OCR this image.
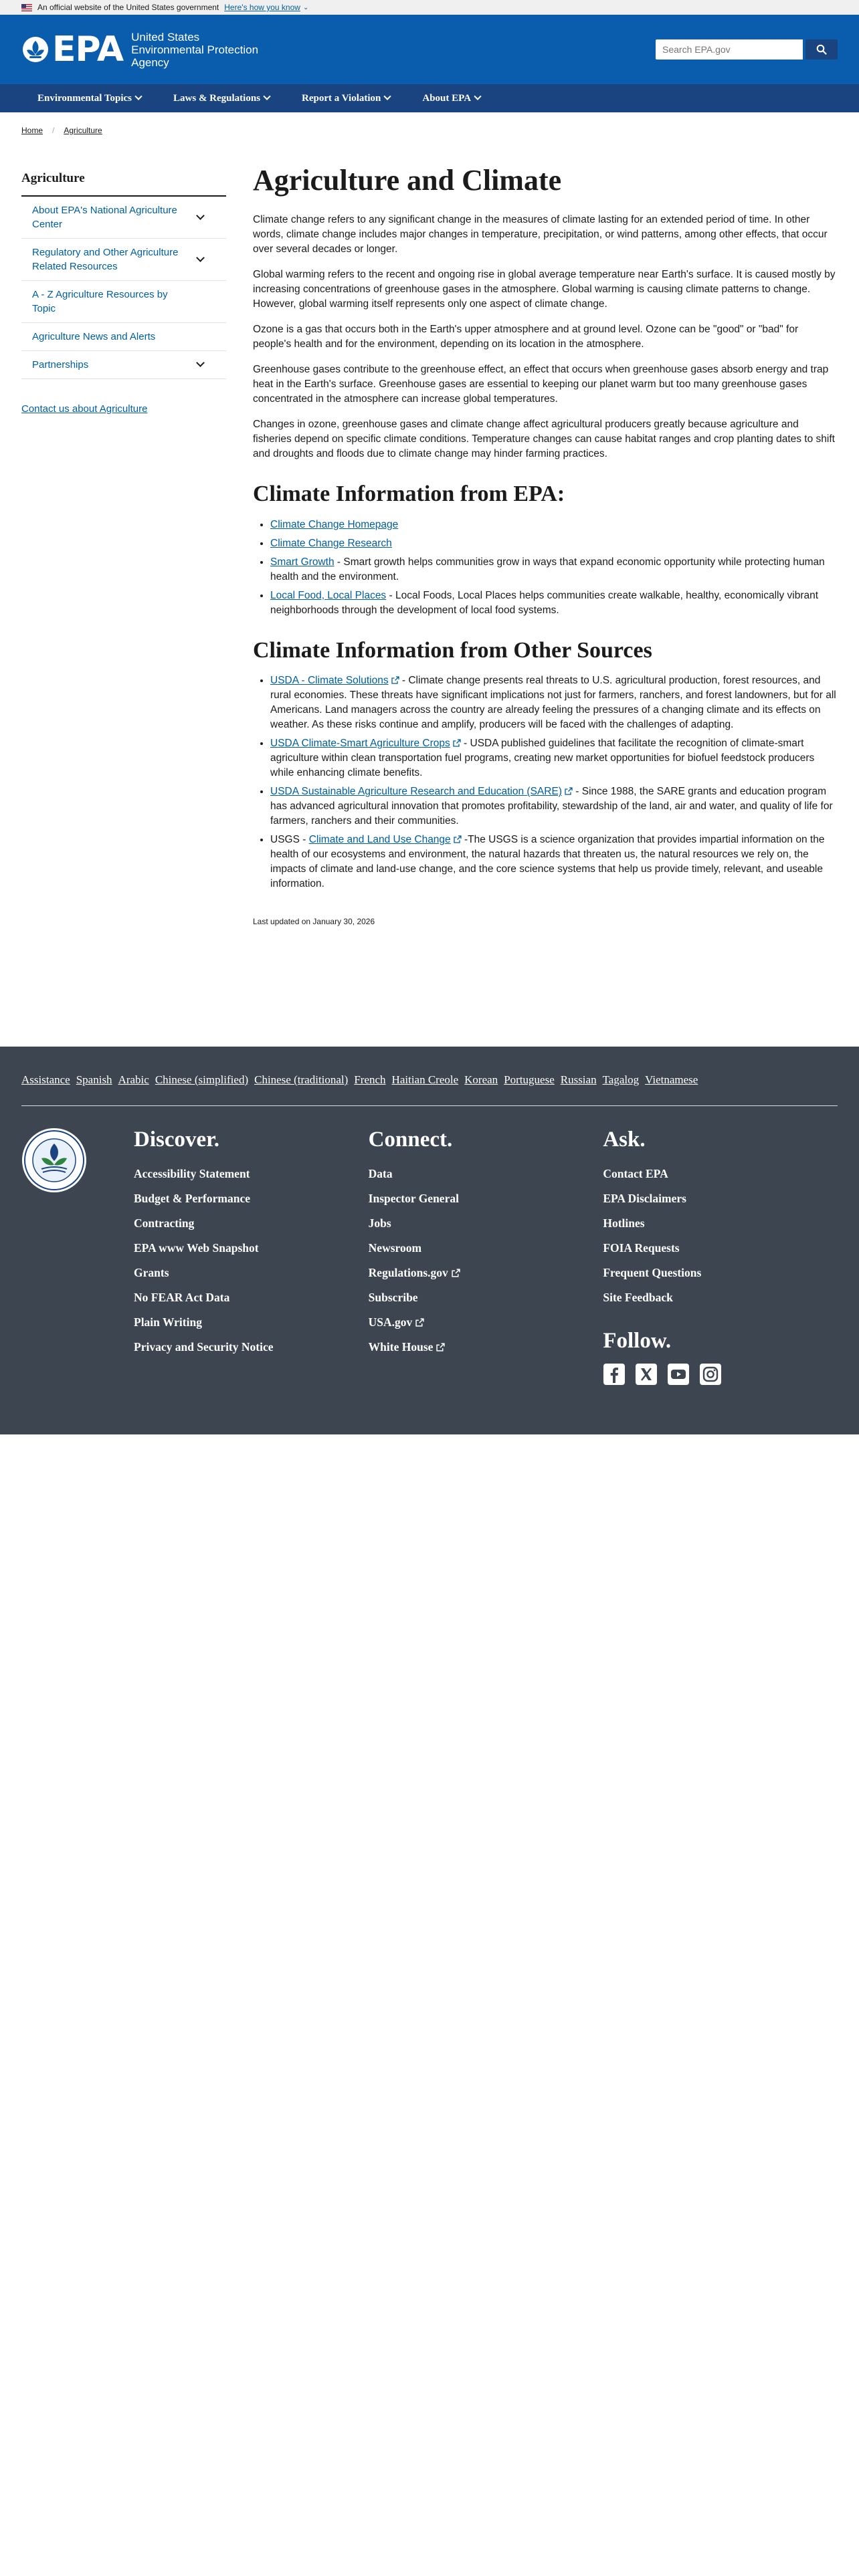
An official website of the United States government Here's how you know ⌄
EPA United States
Environmental Protection
Agency
Search EPA.gov
Environmental Topics	Laws & Regulations	Report a Violation	About EPA
Home / Agriculture
Agriculture
About EPA's National Agriculture Center
Regulatory and Other Agriculture Related Resources
A - Z Agriculture Resources by Topic
Agriculture News and Alerts
Partnerships
Contact us about Agriculture
Agriculture and Climate

Climate change refers to any significant change in the measures of climate lasting for an extended period of time. In other words, climate change includes major changes in temperature, precipitation, or wind patterns, among other effects, that occur over several decades or longer.

Global warming refers to the recent and ongoing rise in global average temperature near Earth's surface. It is caused mostly by increasing concentrations of greenhouse gases in the atmosphere. Global warming is causing climate patterns to change. However, global warming itself represents only one aspect of climate change.

Ozone is a gas that occurs both in the Earth's upper atmosphere and at ground level. Ozone can be "good" or "bad" for people's health and for the environment, depending on its location in the atmosphere.

Greenhouse gases contribute to the greenhouse effect, an effect that occurs when greenhouse gases absorb energy and trap heat in the Earth's surface. Greenhouse gases are essential to keeping our planet warm but too many greenhouse gases concentrated in the atmosphere can increase global temperatures.

Changes in ozone, greenhouse gases and climate change affect agricultural producers greatly because agriculture and fisheries depend on specific climate conditions. Temperature changes can cause habitat ranges and crop planting dates to shift and droughts and floods due to climate change may hinder farming practices.

Climate Information from EPA:
• Climate Change Homepage
• Climate Change Research
• Smart Growth - Smart growth helps communities grow in ways that expand economic opportunity while protecting human health and the environment.
• Local Food, Local Places - Local Foods, Local Places helps communities create walkable, healthy, economically vibrant neighborhoods through the development of local food systems.
Climate Information from Other Sources
• USDA - Climate Solutions - Climate change presents real threats to U.S. agricultural production, forest resources, and rural economies. These threats have significant implications not just for farmers, ranchers, and forest landowners, but for all Americans. Land managers across the country are already feeling the pressures of a changing climate and its effects on weather. As these risks continue and amplify, producers will be faced with the challenges of adapting.
• USDA Climate-Smart Agriculture Crops - USDA published guidelines that facilitate the recognition of climate-smart agriculture within clean transportation fuel programs, creating new market opportunities for biofuel feedstock producers while enhancing climate benefits.
• USDA Sustainable Agriculture Research and Education (SARE) - Since 1988, the SARE grants and education program has advanced agricultural innovation that promotes profitability, stewardship of the land, air and water, and quality of life for farmers, ranchers and their communities.
• USGS - Climate and Land Use Change -The USGS is a science organization that provides impartial information on the health of our ecosystems and environment, the natural hazards that threaten us, the natural resources we rely on, the impacts of climate and land-use change, and the core science systems that help us provide timely, relevant, and useable information.
Last updated on January 30, 2026
Assistance Spanish Arabic Chinese (simplified) Chinese (traditional) French Haitian Creole Korean Portuguese Russian Tagalog Vietnamese
Discover.
Accessibility Statement
Budget & Performance
Contracting
EPA www Web Snapshot
Grants
No FEAR Act Data
Plain Writing
Privacy and Security Notice
Connect.
Data
Inspector General
Jobs
Newsroom
Regulations.gov
Subscribe
USA.gov
White House
Ask.
Contact EPA
EPA Disclaimers
Hotlines
FOIA Requests
Frequent Questions
Site Feedback
Follow.
